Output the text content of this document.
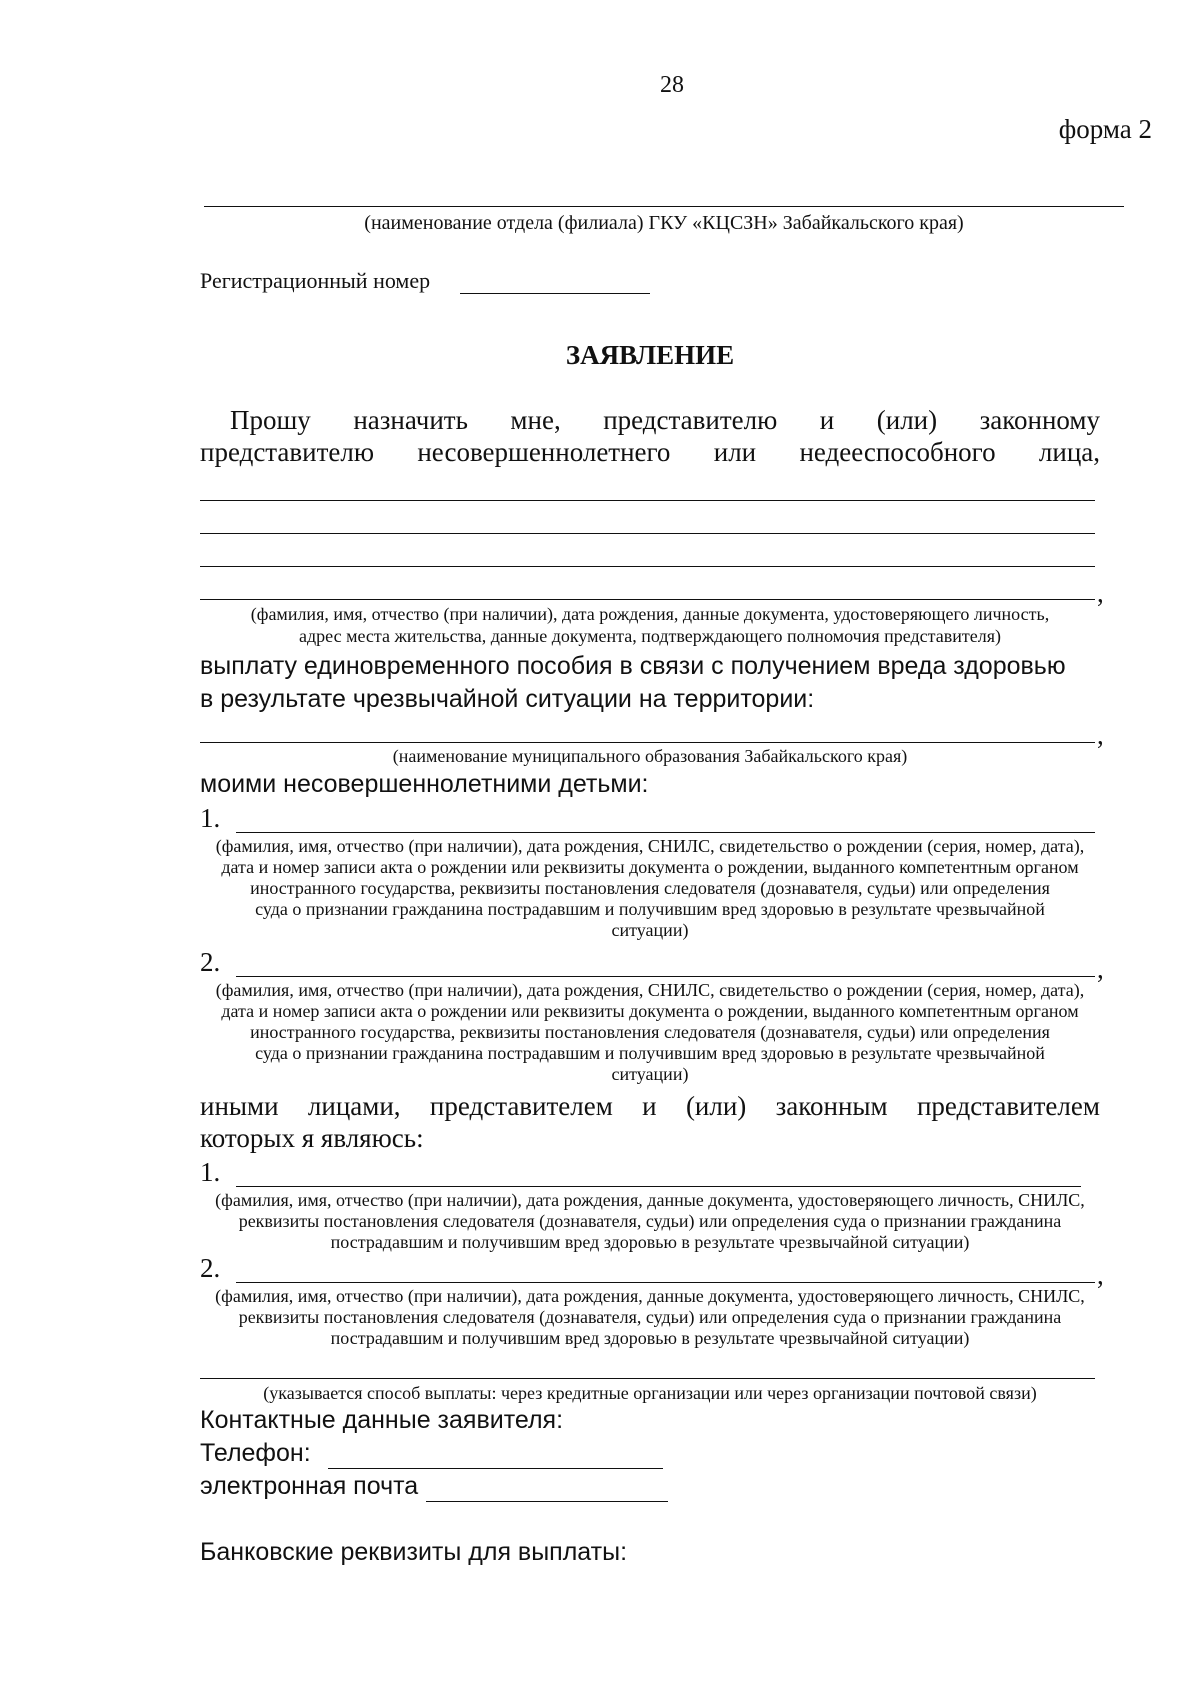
28
форма 2
(наименование отдела (филиала) ГКУ «КЦСЗН» Забайкальского края)
Регистрационный номер
ЗАЯВЛЕНИЕ
Прошу назначить мне, представителю и (или) законному
представителю несовершеннолетнего или недееспособного лица,
,
(фамилия, имя, отчество (при наличии), дата рождения, данные документа, удостоверяющего личность,
адрес места жительства, данные документа, подтверждающего полномочия представителя)
выплату единовременного пособия в связи с получением вреда здоровью
в результате чрезвычайной ситуации на территории:
,
(наименование муниципального образования Забайкальского края)
моими несовершеннолетними детьми:
1.
(фамилия, имя, отчество (при наличии), дата рождения, СНИЛС, свидетельство о рождении (серия, номер, дата),
дата и номер записи акта о рождении или реквизиты документа о рождении, выданного компетентным органом
иностранного государства, реквизиты постановления следователя (дознавателя, судьи) или определения
суда о признании гражданина пострадавшим и получившим вред здоровью в результате чрезвычайной
ситуации)
2.	,
(фамилия, имя, отчество (при наличии), дата рождения, СНИЛС, свидетельство о рождении (серия, номер, дата),
дата и номер записи акта о рождении или реквизиты документа о рождении, выданного компетентным органом
иностранного государства, реквизиты постановления следователя (дознавателя, судьи) или определения
суда о признании гражданина пострадавшим и получившим вред здоровью в результате чрезвычайной
ситуации)
иными лицами, представителем и (или) законным представителем
которых я являюсь:
1.
(фамилия, имя, отчество (при наличии), дата рождения, данные документа, удостоверяющего личность, СНИЛС,
реквизиты постановления следователя (дознавателя, судьи) или определения суда о признании гражданина
пострадавшим и получившим вред здоровью в результате чрезвычайной ситуации)
2.	,
(фамилия, имя, отчество (при наличии), дата рождения, данные документа, удостоверяющего личность, СНИЛС,
реквизиты постановления следователя (дознавателя, судьи) или определения суда о признании гражданина
пострадавшим и получившим вред здоровью в результате чрезвычайной ситуации)
(указывается способ выплаты: через кредитные организации или через организации почтовой связи)
Контактные данные заявителя:
Телефон:
электронная почта
Банковские реквизиты для выплаты:
